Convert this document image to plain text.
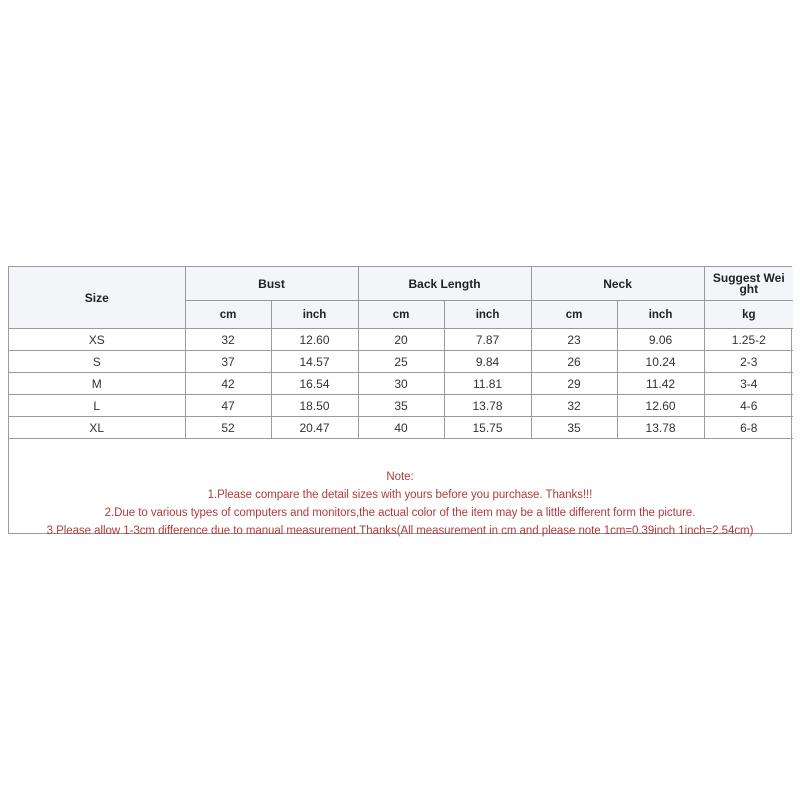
Size	Bust		Back Length		Neck		Suggest Wei ght
	cm	inch	cm	inch	cm	inch	kg
XS	32	12.60	20	7.87	23	9.06	1.25-2
S	37	14.57	25	9.84	26	10.24	2-3
M	42	16.54	30	11.81	29	11.42	3-4
L	47	18.50	35	13.78	32	12.60	4-6
XL	52	20.47	40	15.75	35	13.78	6-8
Note:
1.Please compare the detail sizes with yours before you purchase. Thanks!!!
2.Due to various types of computers and monitors,the actual color of the item may be a little different form the picture.
3.Please allow 1-3cm difference due to manual measurement.Thanks(All measurement in cm and please note 1cm=0.39inch 1inch=2.54cm)
